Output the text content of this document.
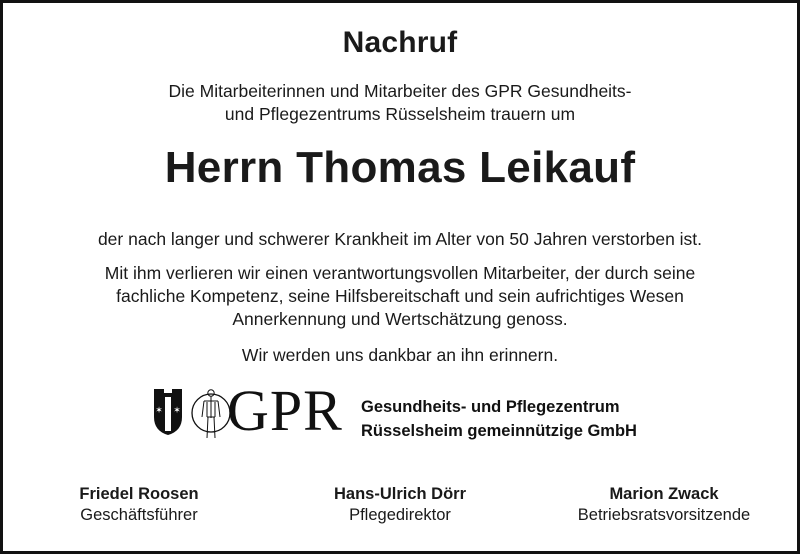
Nachruf
Die Mitarbeiterinnen und Mitarbeiter des GPR Gesundheits-
und Pflegezentrums Rüsselsheim trauern um
Herrn Thomas Leikauf
der nach langer und schwerer Krankheit im Alter von 50 Jahren verstorben ist.
Mit ihm verlieren wir einen verantwortungsvollen Mitarbeiter, der durch seine
fachliche Kompetenz, seine Hilfsbereitschaft und sein aufrichtiges Wesen
Annerkennung und Wertschätzung genoss.
Wir werden uns dankbar an ihn erinnern.
✶ ✶ GPR Gesundheits- und Pflegezentrum
Rüsselsheim gemeinnützige GmbH
Friedel Roosen
Geschäftsführer
Hans-Ulrich Dörr
Pflegedirektor
Marion Zwack
Betriebsratsvorsitzende
